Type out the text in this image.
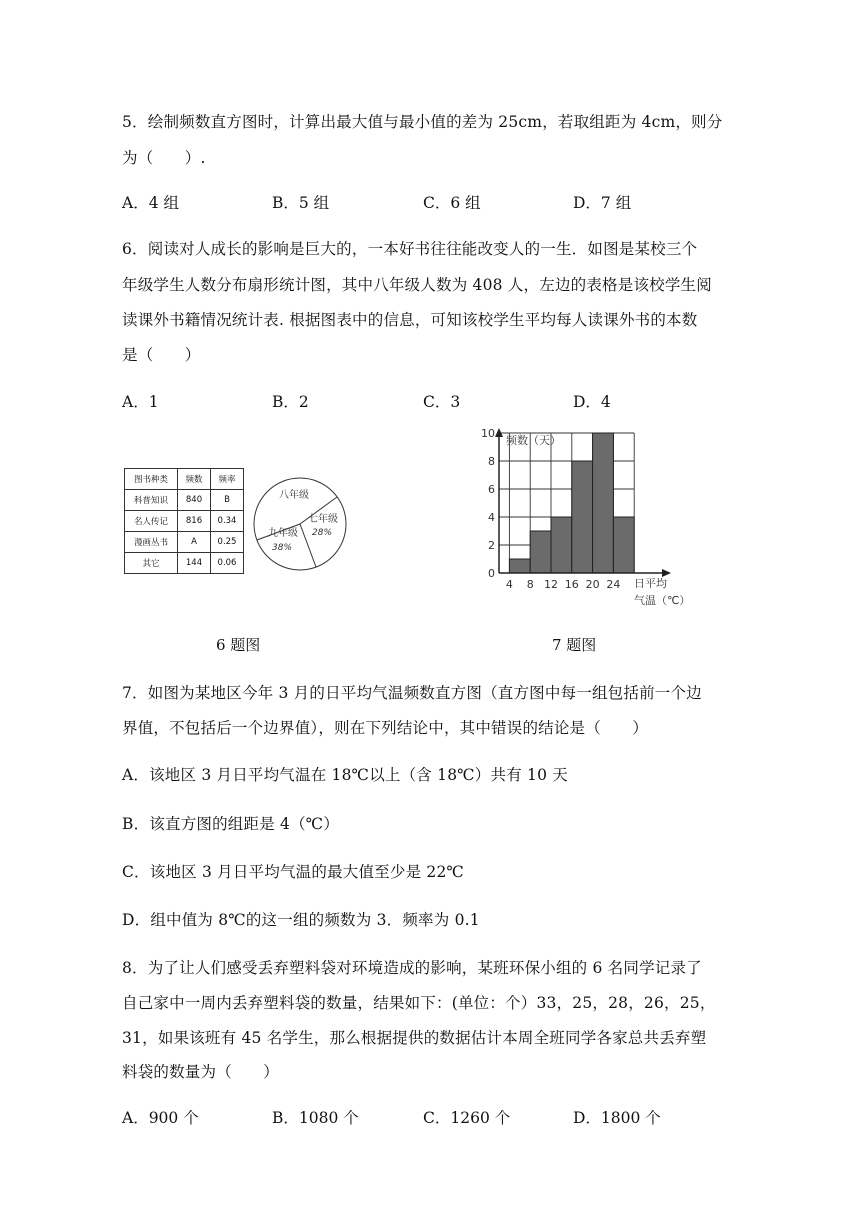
5．绘制频数直方图时，计算出最大值与最小值的差为 25cm，若取组距为 4cm，则分
为（　　）.
A．4 组	B．5 组	C．6 组	D．7 组
6．阅读对人成长的影响是巨大的，一本好书往往能改变人的一生．如图是某校三个
年级学生人数分布扇形统计图，其中八年级人数为 408 人，左边的表格是该校学生阅
读课外书籍情况统计表. 根据图表中的信息，可知该校学生平均每人读课外书的本数
是（　　）
A．1	B．2	C．3	D．4
图书种类	频数	频率
科普知识	840	B
名人传记	816	0.34
漫画丛书	A	0.25
其它	144	0.06
八年级
七年级
28%
九年级
38%
0
2
4
6
8
10
4 8 12 16 20 24
频数（天）
日平均
气温（℃）
6 题图	7 题图
7．如图为某地区今年 3 月的日平均气温频数直方图（直方图中每一组包括前一个边
界值，不包括后一个边界值），则在下列结论中，其中错误的结论是（　　）
A．该地区 3 月日平均气温在 18℃以上（含 18℃）共有 10 天
B．该直方图的组距是 4（℃）
C．该地区 3 月日平均气温的最大值至少是 22℃
D．组中值为 8℃的这一组的频数为 3．频率为 0.1
8．为了让人们感受丢弃塑料袋对环境造成的影响，某班环保小组的 6 名同学记录了
自己家中一周内丢弃塑料袋的数量，结果如下：(单位：个）33，25，28，26，25，
31，如果该班有 45 名学生，那么根据提供的数据估计本周全班同学各家总共丢弃塑
料袋的数量为（　　）
A．900 个	B．1080 个	C．1260 个	D．1800 个
